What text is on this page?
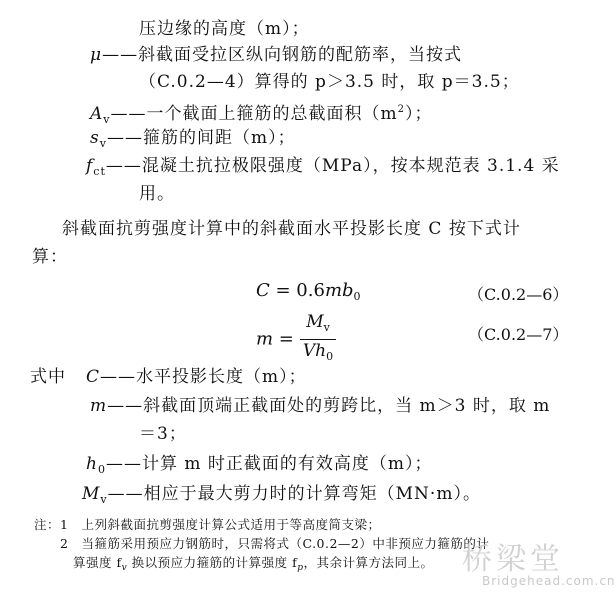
压边缘的高度（m）；
μ——斜截面受拉区纵向钢筋的配筋率，当按式
（C.0.2—4）算得的 p＞3.5 时，取 p＝3.5；
$A_v——$一个截面上箍筋的总截面积$(m^2)$；
$s_v——$箍筋的间距（m）；
$f_{ct}——$混凝土抗拉极限强度（MPa），按本规范表 3.1.4 采
用。
斜截面抗剪强度计算中的斜截面水平投影长度 C 按下式计
算：
$C = 0.6mb_0$	（C.0.2—6）
$m = \frac{M_v}{Vh_0}$	（C.0.2—7）
式中 C——水平投影长度（m）；
m——斜截面顶端正截面处的剪跨比，当 m＞3 时，取 m
＝3；
$h_0——$计算 m 时正截面的有效高度（m）；
$M_v——$相应于最大剪力时的计算弯矩（MN·m）。
注：1　上列斜截面抗剪强度计算公式适用于等高度简支梁；
　　2　当箍筋采用预应力钢筋时，只需将式（C.0.2—2）中非预应力箍筋的计
　　　算强度 $f_v$ 换以预应力箍筋的计算强度 $f_p$，其余计算方法同上。 桥梁堂
Bridgehead.com.cn
